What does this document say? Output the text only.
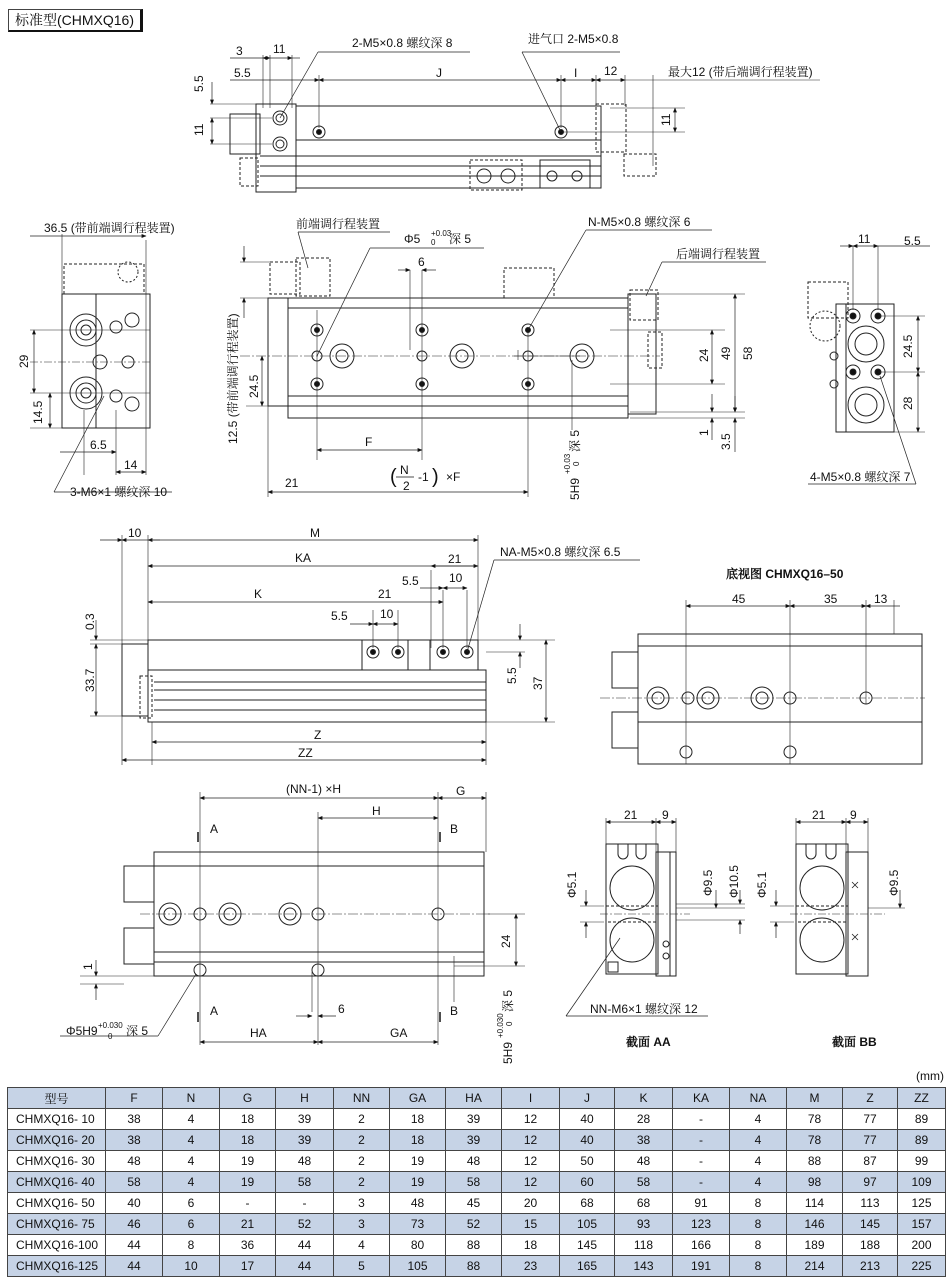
标准型(CHMXQ16)
3	11
5.5	J	I 12
2-M5×0.8 螺纹深 8	进气口 2-M5×0.8
最大12 (带后端调行程装置)
5.5
11
11
36.5 (带前端调行程装置)
29
14.5
6.5
14
3-M6×1 螺纹深 10
前端调行程装置
Φ5 +0.03
0 深 5
N-M5×0.8 螺纹深 6
后端调行程装置
6
F
21
12.5 (带前端调行程装置) 24.5
24 49 58
1
3.5
N
2
-1
( ) ×F
5H9
+0.03 0
深 5
11	5.5
24.5
28
4-M5×0.8 螺纹深 7
10	M
KA	21	NA-M5×0.8 螺纹深 6.5
K	21
5.5	10
5.5	10
0.3
33.7	5.5 37
Z
ZZ
底视图 CHMXQ16–50
45	35	13
(NN-1) ×H	G
H
A	B
A	B
6
HA	GA
24
1
Φ5H9 +0.030
0 深 5
5H9
+0.030 0
深 5
21 9
Φ5.1	Φ9.5 Φ10.5
NN-M6×1 螺纹深 12
截面 AA
21 9
Φ5.1	Φ9.5
截面 BB
(mm)
型号	F	N	G	H	NN	GA	HA	I	J	K	KA	NA	M	Z	ZZ
CHMXQ16- 10	38	4	18	39	2	18	39	12	40	28	-	4	78	77	89
CHMXQ16- 20	38	4	18	39	2	18	39	12	40	38	-	4	78	77	89
CHMXQ16- 30	48	4	19	48	2	19	48	12	50	48	-	4	88	87	99
CHMXQ16- 40	58	4	19	58	2	19	58	12	60	58	-	4	98	97	109
CHMXQ16- 50	40	6	-	-	3	48	45	20	68	68	91	8	114	113	125
CHMXQ16- 75	46	6	21	52	3	73	52	15	105	93	123	8	146	145	157
CHMXQ16-100	44	8	36	44	4	80	88	18	145	118	166	8	189	188	200
CHMXQ16-125	44	10	17	44	5	105	88	23	165	143	191	8	214	213	225
